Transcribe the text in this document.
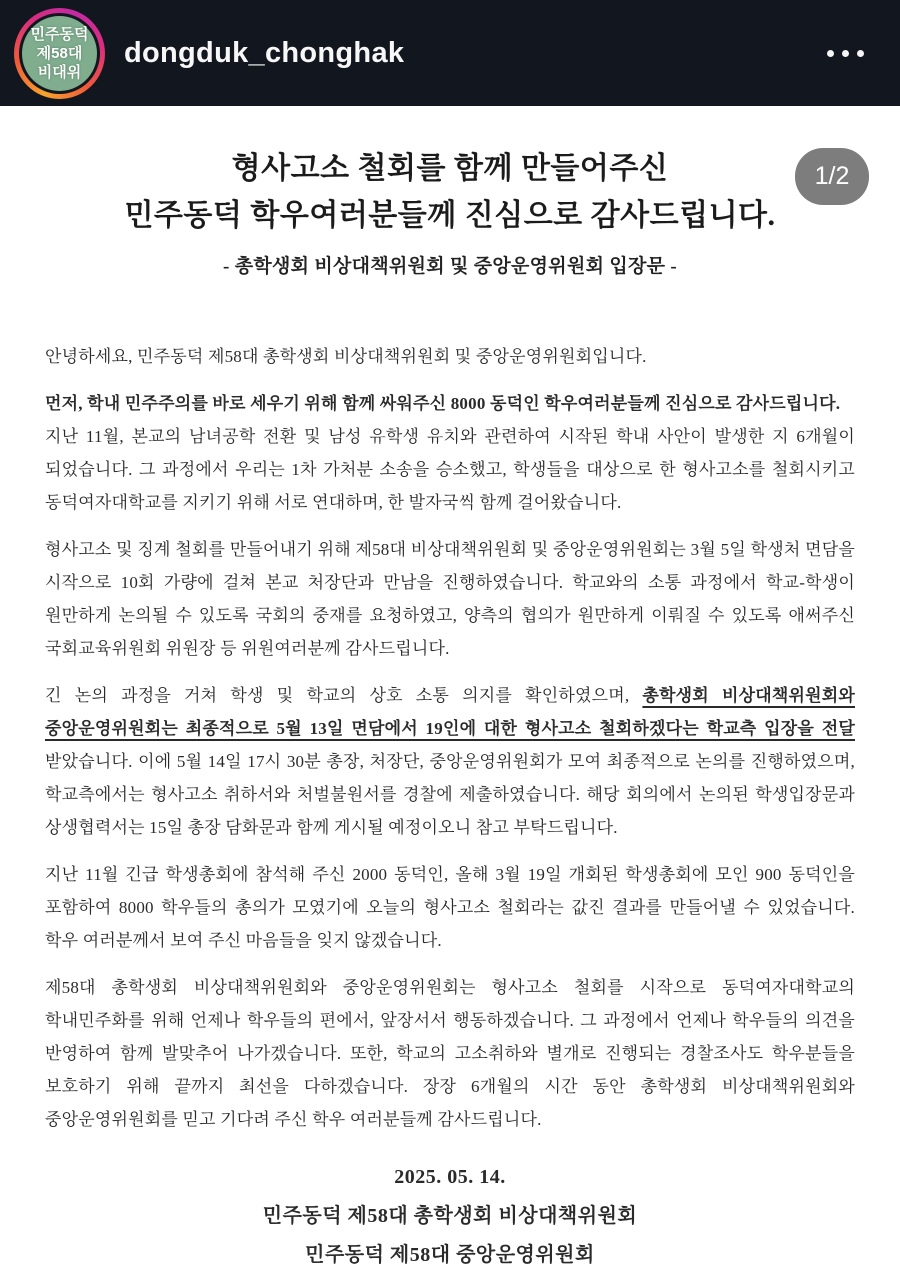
민주동덕
제58대
비대위
dongduk_chonghak
1/2
형사고소 철회를 함께 만들어주신
민주동덕 학우여러분들께 진심으로 감사드립니다.
- 총학생회 비상대책위원회 및 중앙운영위원회 입장문 -

안녕하세요, 민주동덕 제58대 총학생회 비상대책위원회 및 중앙운영위원회입니다.

먼저, 학내 민주주의를 바로 세우기 위해 함께 싸워주신 8000 동덕인 학우여러분들께 진심으로 감사드립니다.
지난 11월, 본교의 남녀공학 전환 및 남성 유학생 유치와 관련하여 시작된 학내 사안이 발생한 지 6개월이 되었습니다. 그 과정에서 우리는 1차 가처분 소송을 승소했고, 학생들을 대상으로 한 형사고소를 철회시키고 동덕여자대학교를 지키기 위해 서로 연대하며, 한 발자국씩 함께 걸어왔습니다.

형사고소 및 징계 철회를 만들어내기 위해 제58대 비상대책위원회 및 중앙운영위원회는 3월 5일 학생처 면담을 시작으로 10회 가량에 걸쳐 본교 처장단과 만남을 진행하였습니다. 학교와의 소통 과정에서 학교-학생이 원만하게 논의될 수 있도록 국회의 중재를 요청하였고, 양측의 협의가 원만하게 이뤄질 수 있도록 애써주신 국회교육위원회 위원장 등 위원여러분께 감사드립니다.

긴 논의 과정을 거쳐 학생 및 학교의 상호 소통 의지를 확인하였으며, 총학생회 비상대책위원회와 중앙운영위원회는 최종적으로 5월 13일 면담에서 19인에 대한 형사고소 철회하겠다는 학교측 입장을 전달 받았습니다. 이에 5월 14일 17시 30분 총장, 처장단, 중앙운영위원회가 모여 최종적으로 논의를 진행하였으며, 학교측에서는 형사고소 취하서와 처벌불원서를 경찰에 제출하였습니다. 해당 회의에서 논의된 학생입장문과 상생협력서는 15일 총장 담화문과 함께 게시될 예정이오니 참고 부탁드립니다.

지난 11월 긴급 학생총회에 참석해 주신 2000 동덕인, 올해 3월 19일 개회된 학생총회에 모인 900 동덕인을 포함하여 8000 학우들의 총의가 모였기에 오늘의 형사고소 철회라는 값진 결과를 만들어낼 수 있었습니다. 학우 여러분께서 보여 주신 마음들을 잊지 않겠습니다.

제58대 총학생회 비상대책위원회와 중앙운영위원회는 형사고소 철회를 시작으로 동덕여자대학교의 학내민주화를 위해 언제나 학우들의 편에서, 앞장서서 행동하겠습니다. 그 과정에서 언제나 학우들의 의견을 반영하여 함께 발맞추어 나가겠습니다. 또한, 학교의 고소취하와 별개로 진행되는 경찰조사도 학우분들을 보호하기 위해 끝까지 최선을 다하겠습니다. 장장 6개월의 시간 동안 총학생회 비상대책위원회와 중앙운영위원회를 믿고 기다려 주신 학우 여러분들께 감사드립니다.

2025. 05. 14.
민주동덕 제58대 총학생회 비상대책위원회
민주동덕 제58대 중앙운영위원회
